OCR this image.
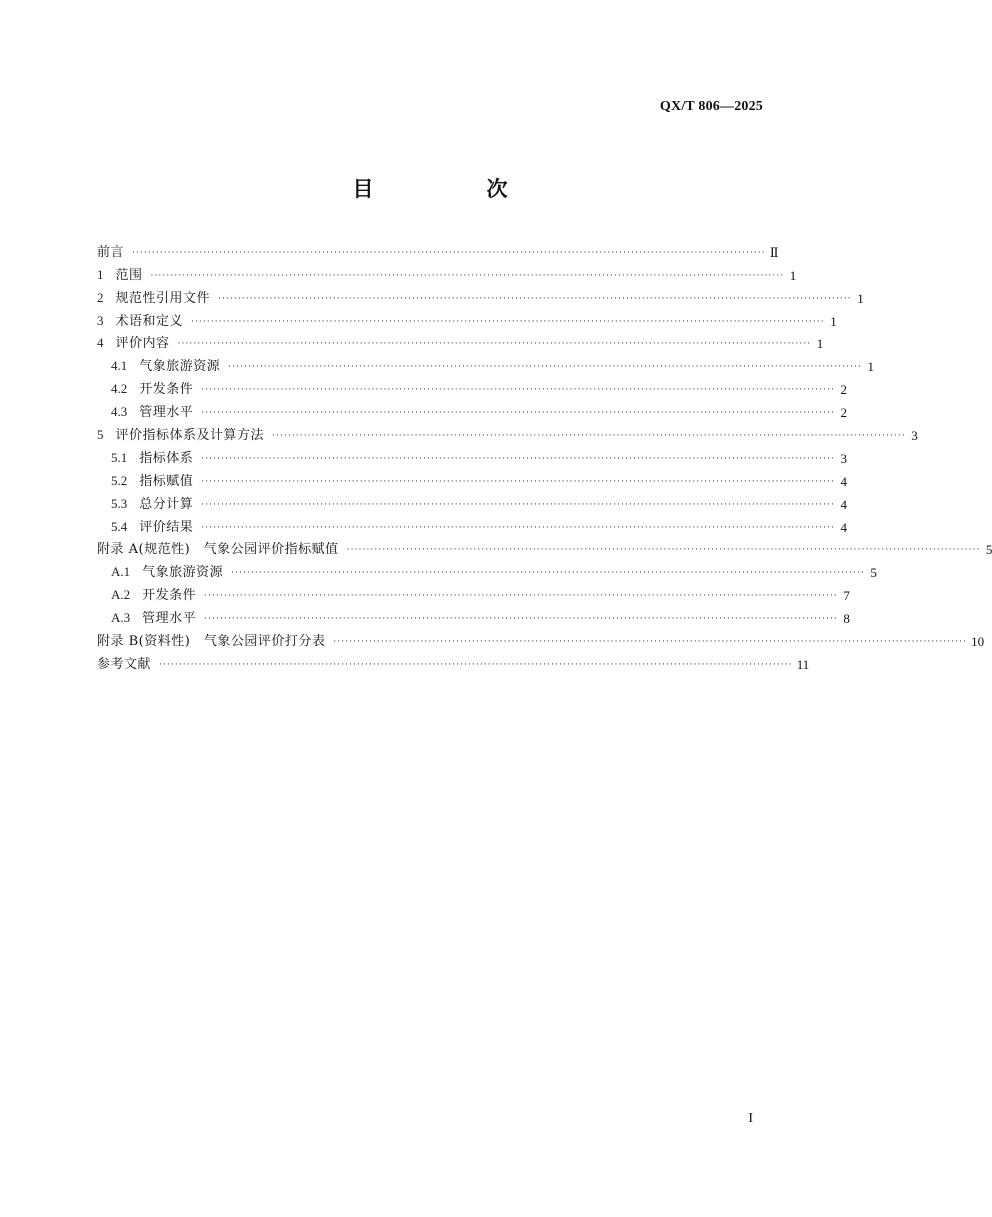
QX/T 806—2025
目　次
前言 ································································································································································ Ⅱ
1 范围 ································································································································································ 1
2 规范性引用文件 ································································································································································ 1
3 术语和定义 ································································································································································ 1
4 评价内容 ································································································································································ 1
4.1 气象旅游资源 ································································································································································ 1
4.2 开发条件 ································································································································································ 2
4.3 管理水平 ································································································································································ 2
5 评价指标体系及计算方法 ································································································································································ 3
5.1 指标体系 ································································································································································ 3
5.2 指标赋值 ································································································································································ 4
5.3 总分计算 ································································································································································ 4
5.4 评价结果 ································································································································································ 4
附录 A(规范性)　气象公园评价指标赋值 ································································································································································ 5
A.1 气象旅游资源 ································································································································································ 5
A.2 开发条件 ································································································································································ 7
A.3 管理水平 ································································································································································ 8
附录 B(资料性)　气象公园评价打分表 ································································································································································ 10
参考文献 ································································································································································ 11
I
